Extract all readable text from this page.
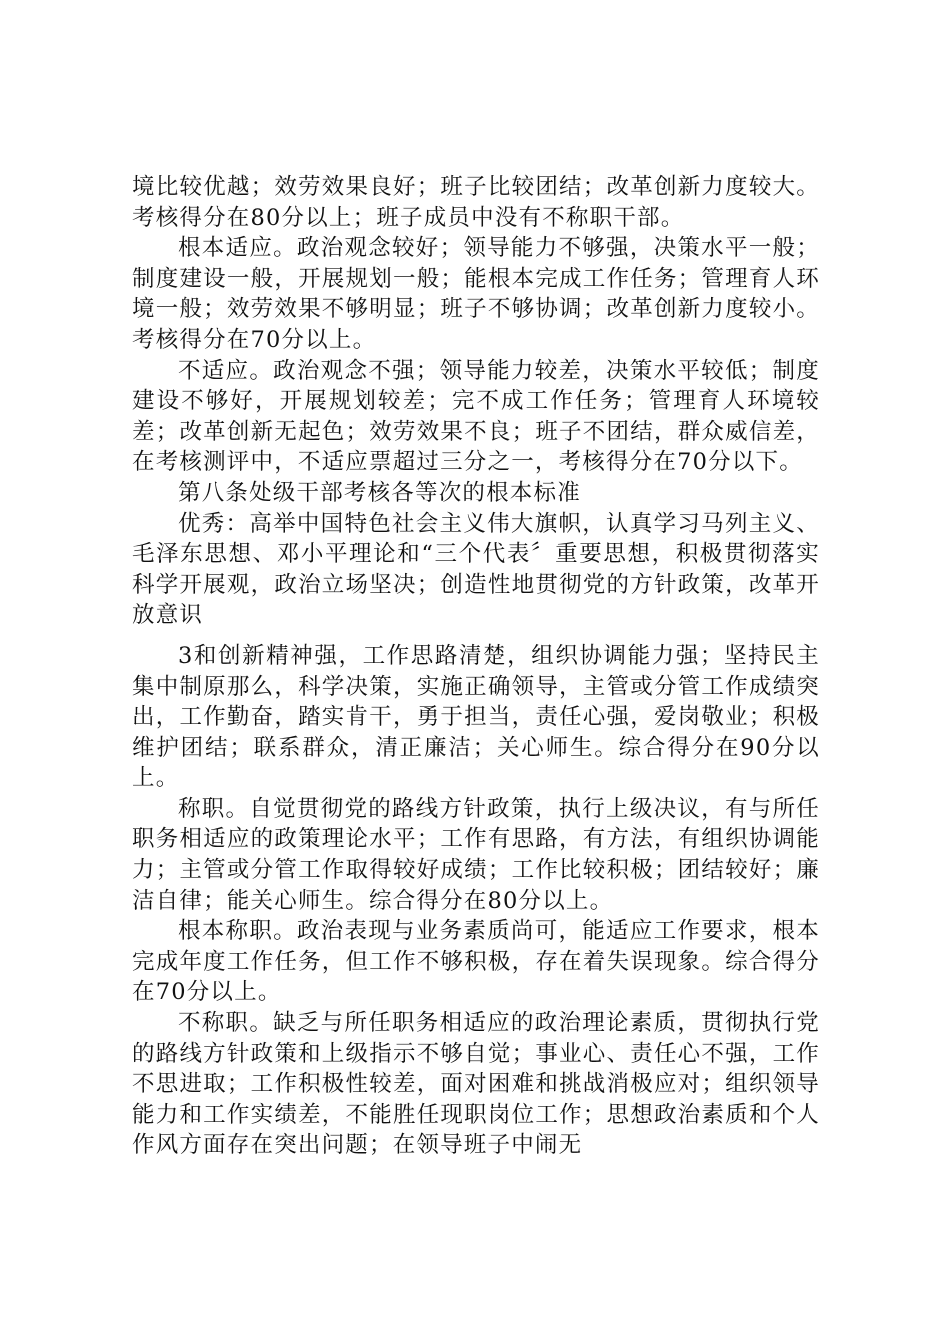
境比较优越；效劳效果良好；班子比较团结；改革创新力度较大。考核得分在80分以上；班子成员中没有不称职干部。

根本适应。政治观念较好；领导能力不够强，决策水平一般；制度建设一般，开展规划一般；能根本完成工作任务；管理育人环境一般；效劳效果不够明显；班子不够协调；改革创新力度较小。考核得分在70分以上。

不适应。政治观念不强；领导能力较差，决策水平较低；制度建设不够好，开展规划较差；完不成工作任务；管理育人环境较差；改革创新无起色；效劳效果不良；班子不团结，群众威信差，在考核测评中，不适应票超过三分之一，考核得分在70分以下。

第八条处级干部考核各等次的根本标准

优秀：高举中国特色社会主义伟大旗帜，认真学习马列主义、毛泽东思想、邓小平理论和“三个代表〞重要思想，积极贯彻落实科学开展观，政治立场坚决；创造性地贯彻党的方针政策，改革开放意识

3和创新精神强，工作思路清楚，组织协调能力强；坚持民主集中制原那么，科学决策，实施正确领导，主管或分管工作成绩突出，工作勤奋，踏实肯干，勇于担当，责任心强，爱岗敬业；积极维护团结；联系群众，清正廉洁；关心师生。综合得分在90分以上。

称职。自觉贯彻党的路线方针政策，执行上级决议，有与所任职务相适应的政策理论水平；工作有思路，有方法，有组织协调能力；主管或分管工作取得较好成绩；工作比较积极；团结较好；廉洁自律；能关心师生。综合得分在80分以上。

根本称职。政治表现与业务素质尚可，能适应工作要求，根本完成年度工作任务，但工作不够积极，存在着失误现象。综合得分在70分以上。

不称职。缺乏与所任职务相适应的政治理论素质，贯彻执行党的路线方针政策和上级指示不够自觉；事业心、责任心不强，工作不思进取；工作积极性较差，面对困难和挑战消极应对；组织领导能力和工作实绩差，不能胜任现职岗位工作；思想政治素质和个人作风方面存在突出问题；在领导班子中闹无
